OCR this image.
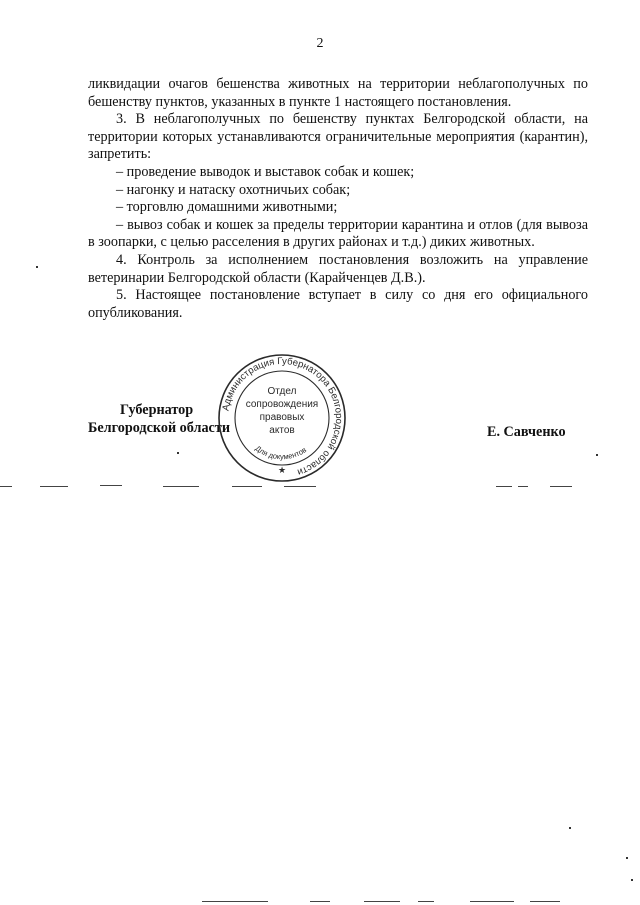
2

ликвидации очагов бешенства животных на территории неблагополучных по бешенству пунктов, указанных в пункте 1 настоящего постановления.

3. В неблагополучных по бешенству пунктах Белгородской области, на территории которых устанавливаются ограничительные мероприятия (карантин), запретить:

– проведение выводок и выставок собак и кошек;

– нагонку и натаску охотничьих собак;

– торговлю домашними животными;

– вывоз собак и кошек за пределы территории карантина и отлов (для вывоза в зоопарки, с целью расселения в других районах и т.д.) диких животных.

4. Контроль за исполнением постановления возложить на управление ветеринарии Белгородской области (Карайченцев Д.В.).

5. Настоящее постановление вступает в силу со дня его официального опубликования.

Губернатор
Белгородской области	Е. Савченко
Администрация Губернатора Белгородской области
Отдел
сопровождения
правовых
актов
Для документов
★
